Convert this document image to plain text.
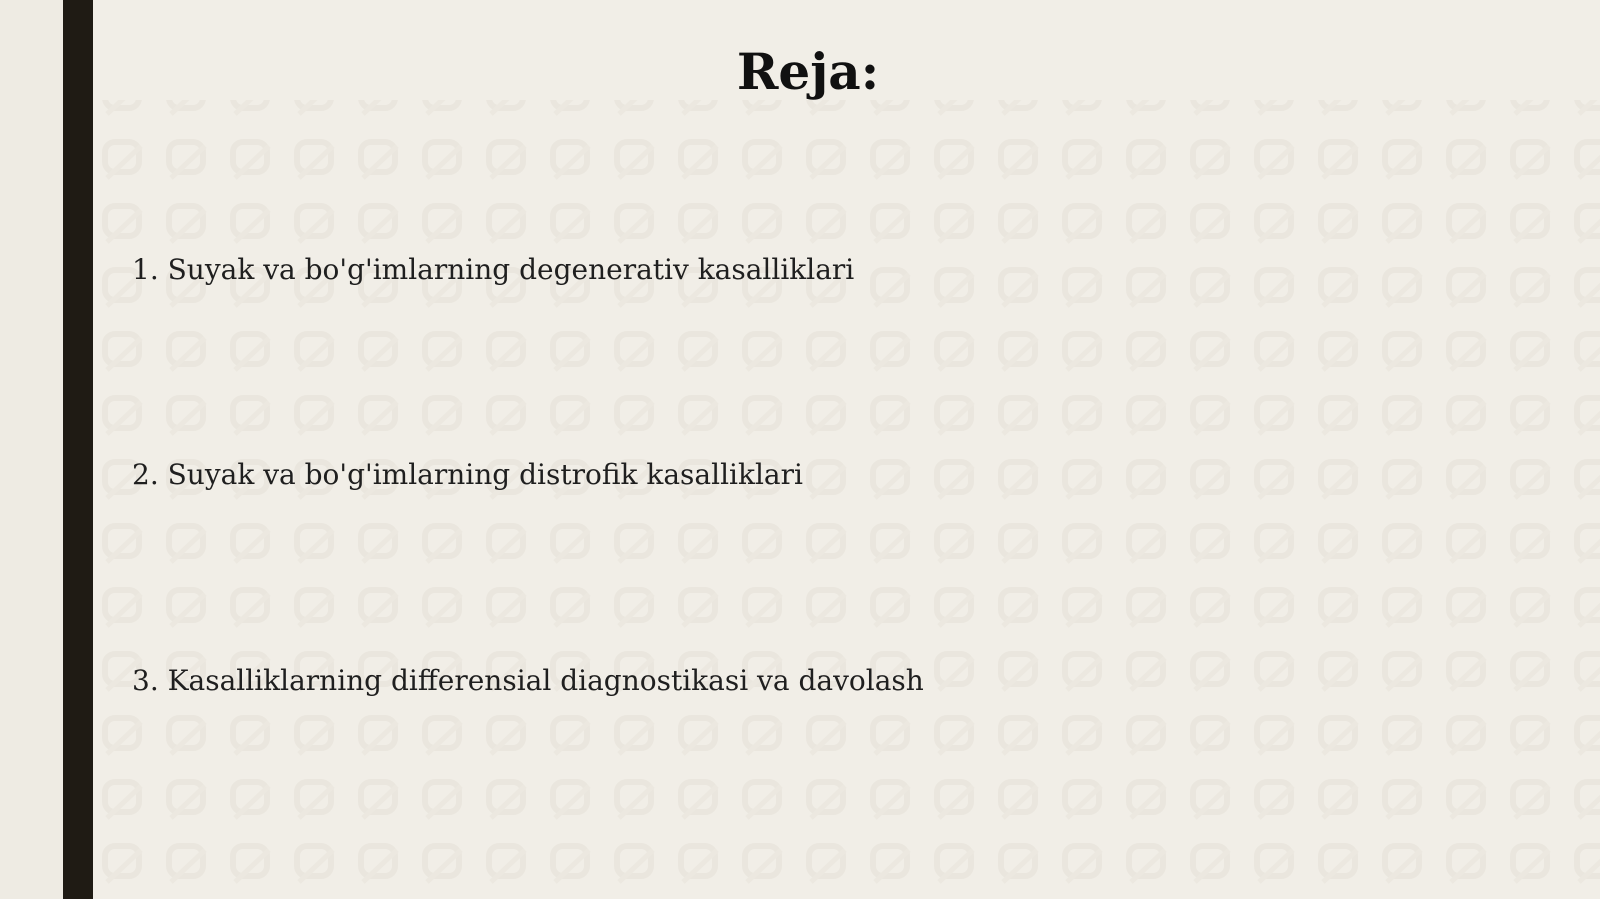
Reja:
1. Suyak va bo'g'imlarning degenerativ kasalliklari
2. Suyak va bo'g'imlarning distrofik kasalliklari
3. Kasalliklarning differensial diagnostikasi va davolash
